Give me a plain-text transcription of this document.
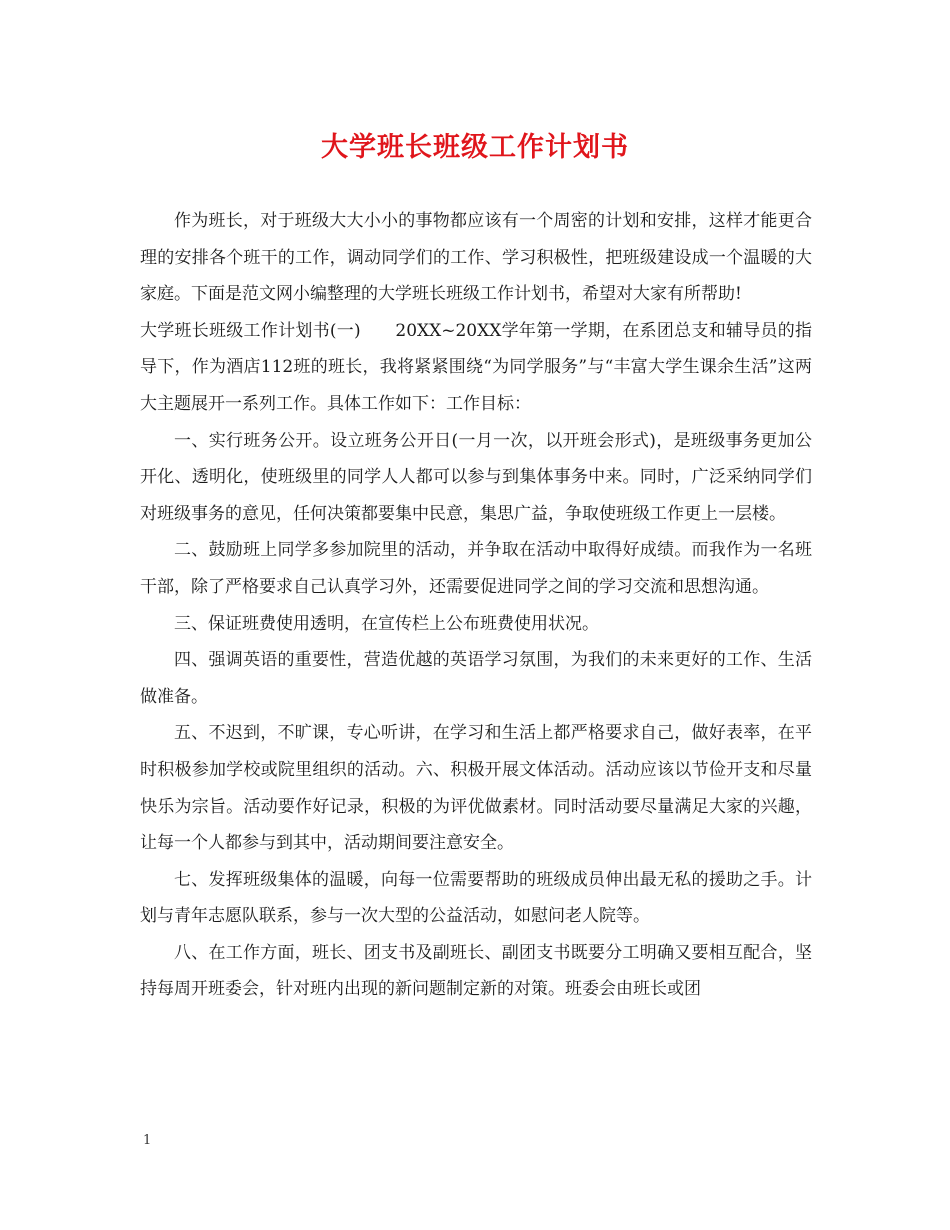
大学班长班级工作计划书

作为班长，对于班级大大小小的事物都应该有一个周密的计划和安排，这样才能更合理的安排各个班干的工作，调动同学们的工作、学习积极性，把班级建设成一个温暖的大家庭。下面是范文网小编整理的大学班长班级工作计划书，希望对大家有所帮助!

大学班长班级工作计划书(一)　　20XX~20XX学年第一学期，在系团总支和辅导员的指导下，作为酒店112班的班长，我将紧紧围绕“为同学服务”与“丰富大学生课余生活”这两大主题展开一系列工作。具体工作如下：工作目标：

一、实行班务公开。设立班务公开日(一月一次，以开班会形式)，是班级事务更加公开化、透明化，使班级里的同学人人都可以参与到集体事务中来。同时，广泛采纳同学们对班级事务的意见，任何决策都要集中民意，集思广益，争取使班级工作更上一层楼。

二、鼓励班上同学多参加院里的活动，并争取在活动中取得好成绩。而我作为一名班干部，除了严格要求自己认真学习外，还需要促进同学之间的学习交流和思想沟通。

三、保证班费使用透明，在宣传栏上公布班费使用状况。

四、强调英语的重要性，营造优越的英语学习氛围，为我们的未来更好的工作、生活做准备。

五、不迟到，不旷课，专心听讲，在学习和生活上都严格要求自己，做好表率，在平时积极参加学校或院里组织的活动。六、积极开展文体活动。活动应该以节俭开支和尽量快乐为宗旨。活动要作好记录，积极的为评优做素材。同时活动要尽量满足大家的兴趣，让每一个人都参与到其中，活动期间要注意安全。

七、发挥班级集体的温暖，向每一位需要帮助的班级成员伸出最无私的援助之手。计划与青年志愿队联系，参与一次大型的公益活动，如慰问老人院等。

八、在工作方面，班长、团支书及副班长、副团支书既要分工明确又要相互配合，坚持每周开班委会，针对班内出现的新问题制定新的对策。班委会由班长或团

1
